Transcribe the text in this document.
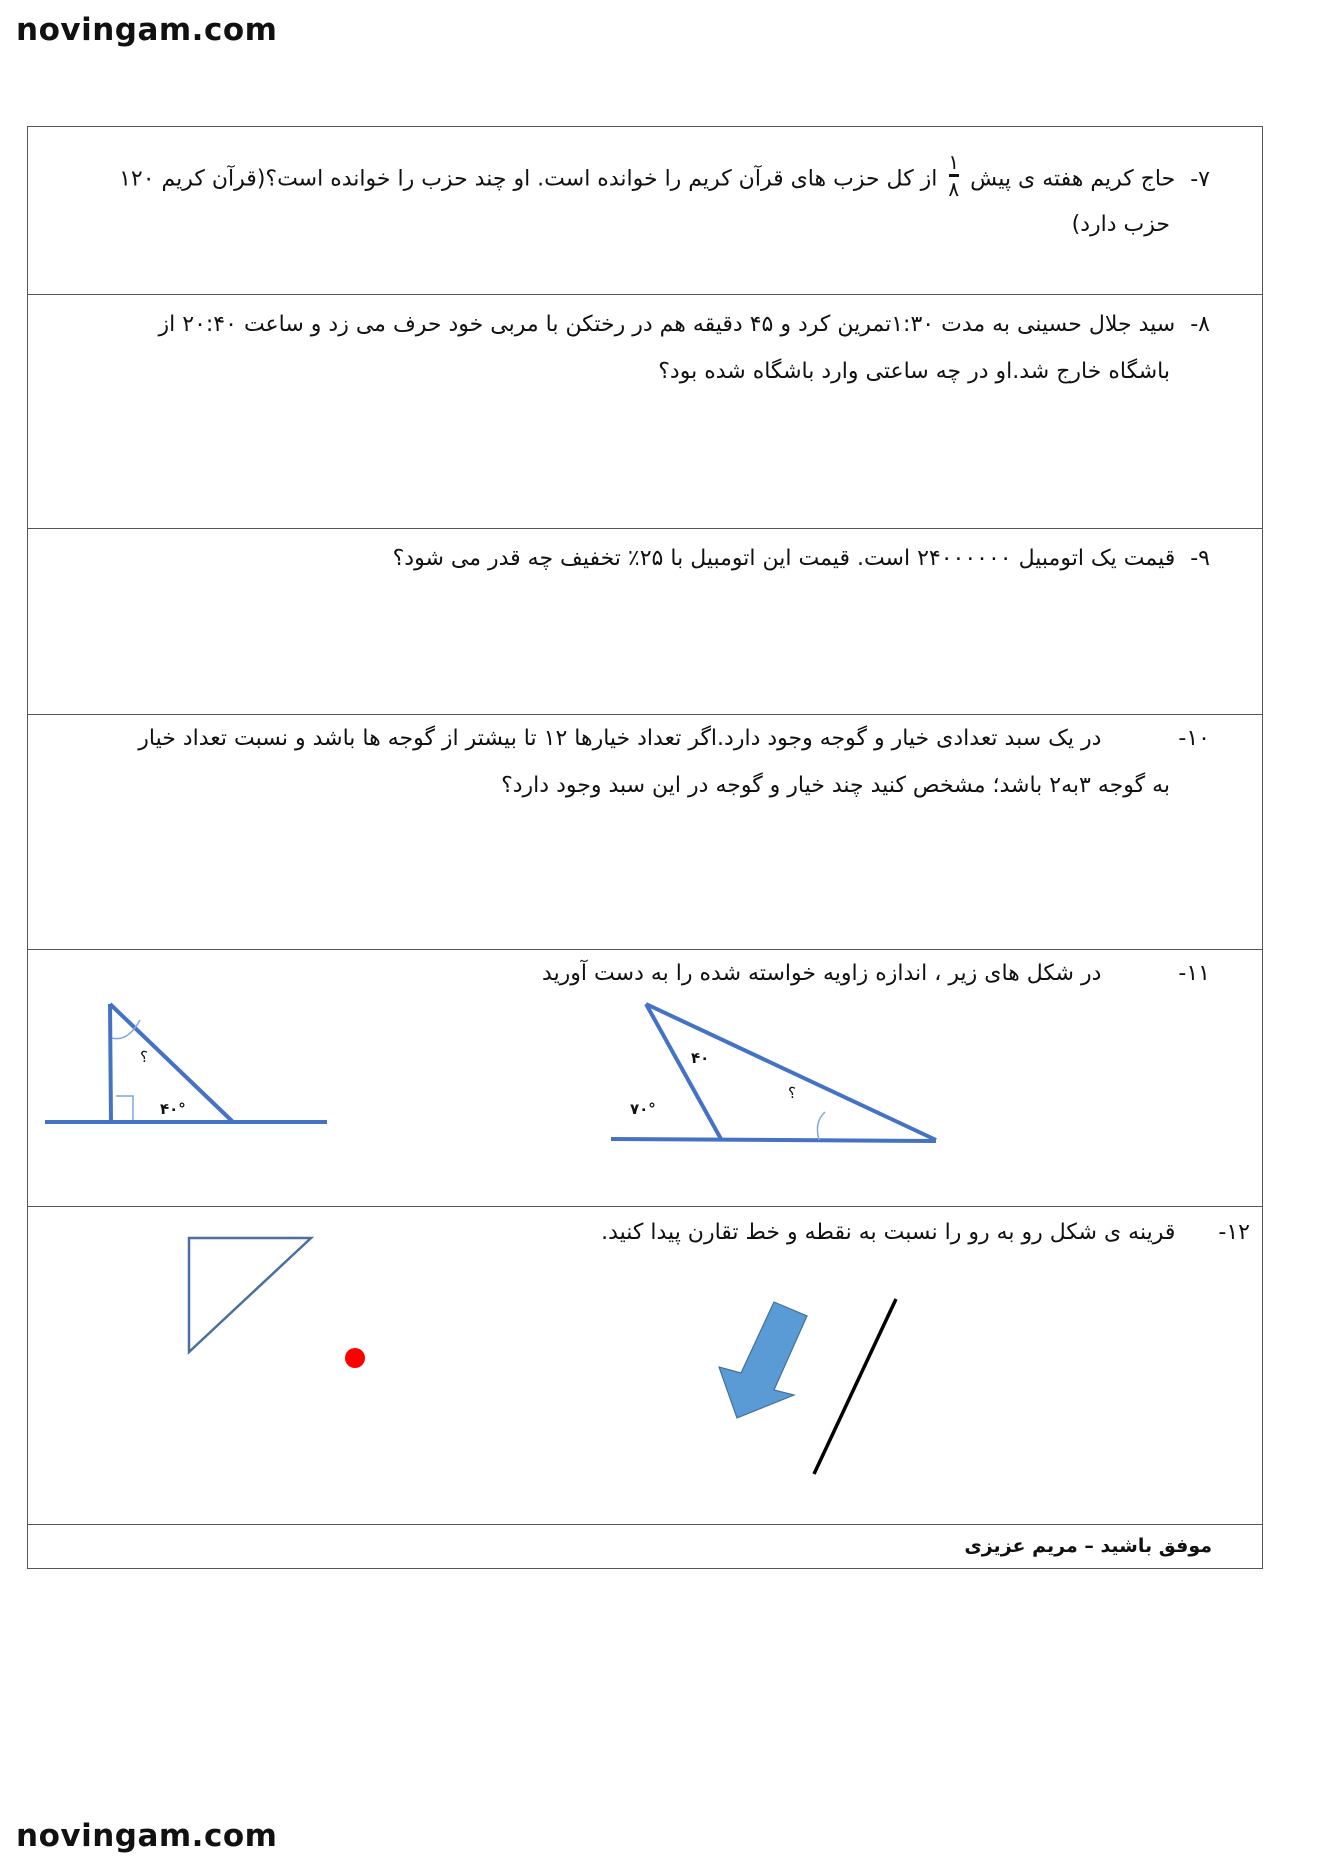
novingam.com
۷- حاج کریم هفته ی پیش $\frac{۱}{۸}$ از کل حزب های قرآن کریم را خوانده است. او چند حزب را خوانده است؟(قرآن کریم ۱۲۰
حزب دارد)
۸- سید جلال حسینی به مدت ۱:۳۰تمرین کرد و ۴۵ دقیقه هم در رختکن با مربی خود حرف می زد و ساعت ۲۰:۴۰ از
باشگاه خارج شد.او در چه ساعتی وارد باشگاه شده بود؟
۹- قیمت یک اتومبیل ۲۴۰۰۰۰۰۰ است. قیمت این اتومبیل با ۲۵٪ تخفیف چه قدر می شود؟
۱۰- در یک سبد تعدادی خیار و گوجه وجود دارد.اگر تعداد خیارها ۱۲ تا بیشتر از گوجه ها باشد و نسبت تعداد خیار
به گوجه ۳به۲ باشد؛ مشخص کنید چند خیار و گوجه در این سبد وجود دارد؟
۱۱- در شکل های زیر ، اندازه زاویه خواسته شده را به دست آورید
؟
۴۰°
۴۰
۷۰°
؟
۱۲- قرینه ی شکل رو به رو را نسبت به نقطه و خط تقارن پیدا کنید.
موفق باشید – مریم عزیزی
novingam.com
